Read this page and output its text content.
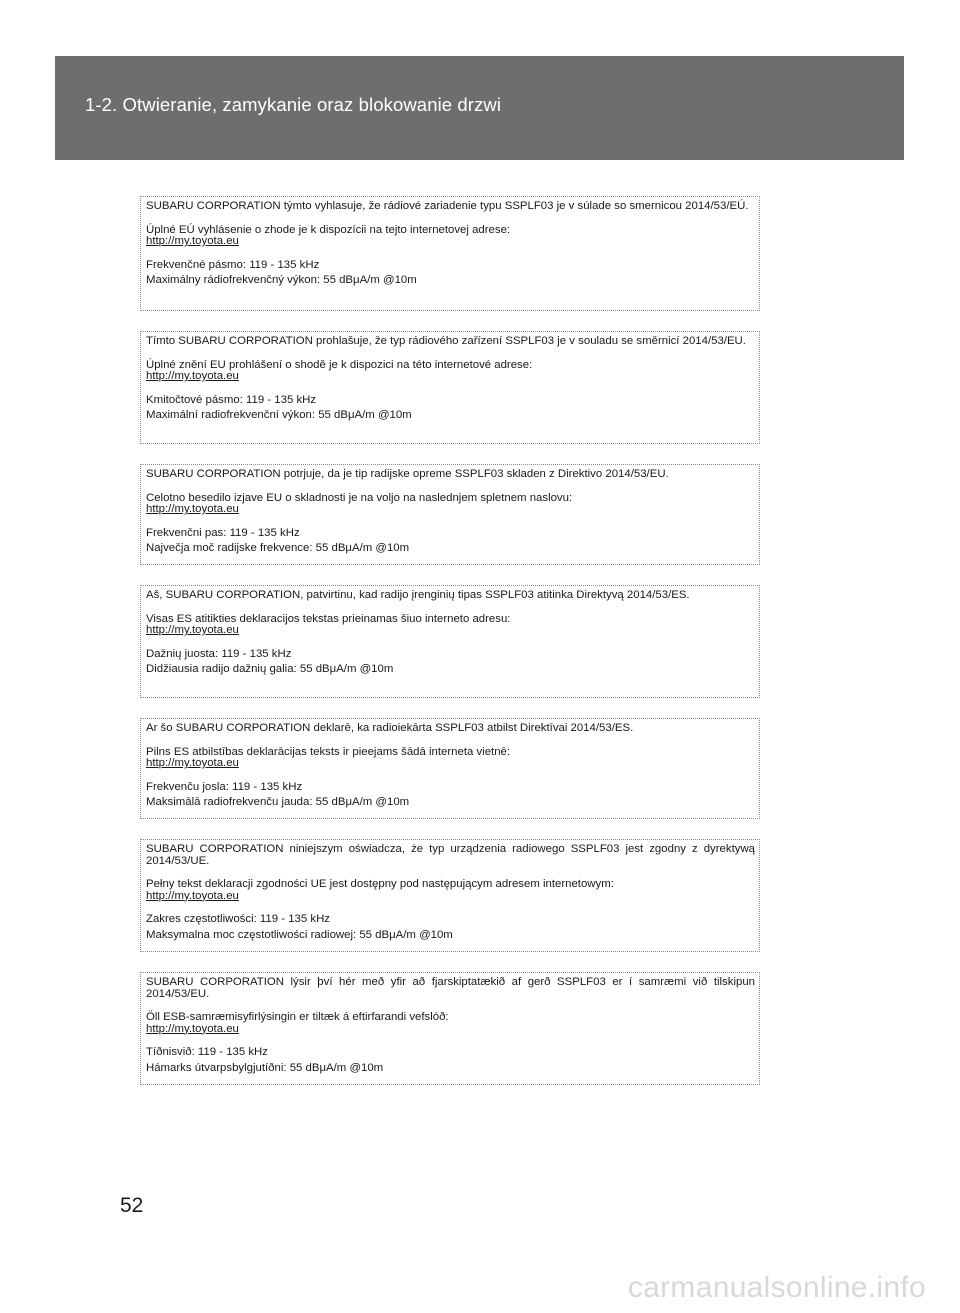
1-2. Otwieranie, zamykanie oraz blokowanie drzwi

SUBARU CORPORATION týmto vyhlasuje, že rádiové zariadenie typu SSPLF03 je v súlade so smernicou 2014/53/EÚ.

Úplné EÚ vyhlásenie o zhode je k dispozícii na tejto internetovej adrese:

http://my.toyota.eu

Frekvenčné pásmo: 119 - 135 kHz

Maximálny rádiofrekvenčný výkon: 55 dBμA/m @10m

Tímto SUBARU CORPORATION prohlašuje, že typ rádiového zařízení SSPLF03 je v souladu se směrnicí 2014/53/EU.

Úplné znění EU prohlášení o shodě je k dispozici na této internetové adrese:

http://my.toyota.eu

Kmitočtové pásmo: 119 - 135 kHz

Maximální radiofrekvenční výkon: 55 dBμA/m @10m

SUBARU CORPORATION potrjuje, da je tip radijske opreme SSPLF03 skladen z Direktivo 2014/53/EU.

Celotno besedilo izjave EU o skladnosti je na voljo na naslednjem spletnem naslovu:

http://my.toyota.eu

Frekvenčni pas: 119 - 135 kHz

Največja moč radijske frekvence: 55 dBμA/m @10m

Aš, SUBARU CORPORATION, patvirtinu, kad radijo įrenginių tipas SSPLF03 atitinka Direktyvą 2014/53/ES.

Visas ES atitikties deklaracijos tekstas prieinamas šiuo interneto adresu:

http://my.toyota.eu

Dažnių juosta: 119 - 135 kHz

Didžiausia radijo dažnių galia: 55 dBμA/m @10m

Ar šo SUBARU CORPORATION deklarē, ka radioiekārta SSPLF03 atbilst Direktīvai 2014/53/ES.

Pilns ES atbilstības deklarācijas teksts ir pieejams šādā interneta vietnē:

http://my.toyota.eu

Frekvenču josla: 119 - 135 kHz

Maksimālā radiofrekvenču jauda: 55 dBμA/m @10m

SUBARU CORPORATION niniejszym oświadcza, że typ urządzenia radiowego SSPLF03 jest zgodny z dyrektywą 2014/53/UE.

Pełny tekst deklaracji zgodności UE jest dostępny pod następującym adresem internetowym:

http://my.toyota.eu

Zakres częstotliwości: 119 - 135 kHz

Maksymalna moc częstotliwości radiowej: 55 dBμA/m @10m

SUBARU CORPORATION lýsir því hér með yfir að fjarskiptatækið af gerð SSPLF03 er í samræmi við tilskipun 2014/53/EU.

Öll ESB-samræmisyfirlýsingin er tiltæk á eftirfarandi vefslóð:

http://my.toyota.eu

Tíðnisvið: 119 - 135 kHz

Hámarks útvarpsbylgjutíðni: 55 dBμA/m @10m

52
carmanualsonline.info
